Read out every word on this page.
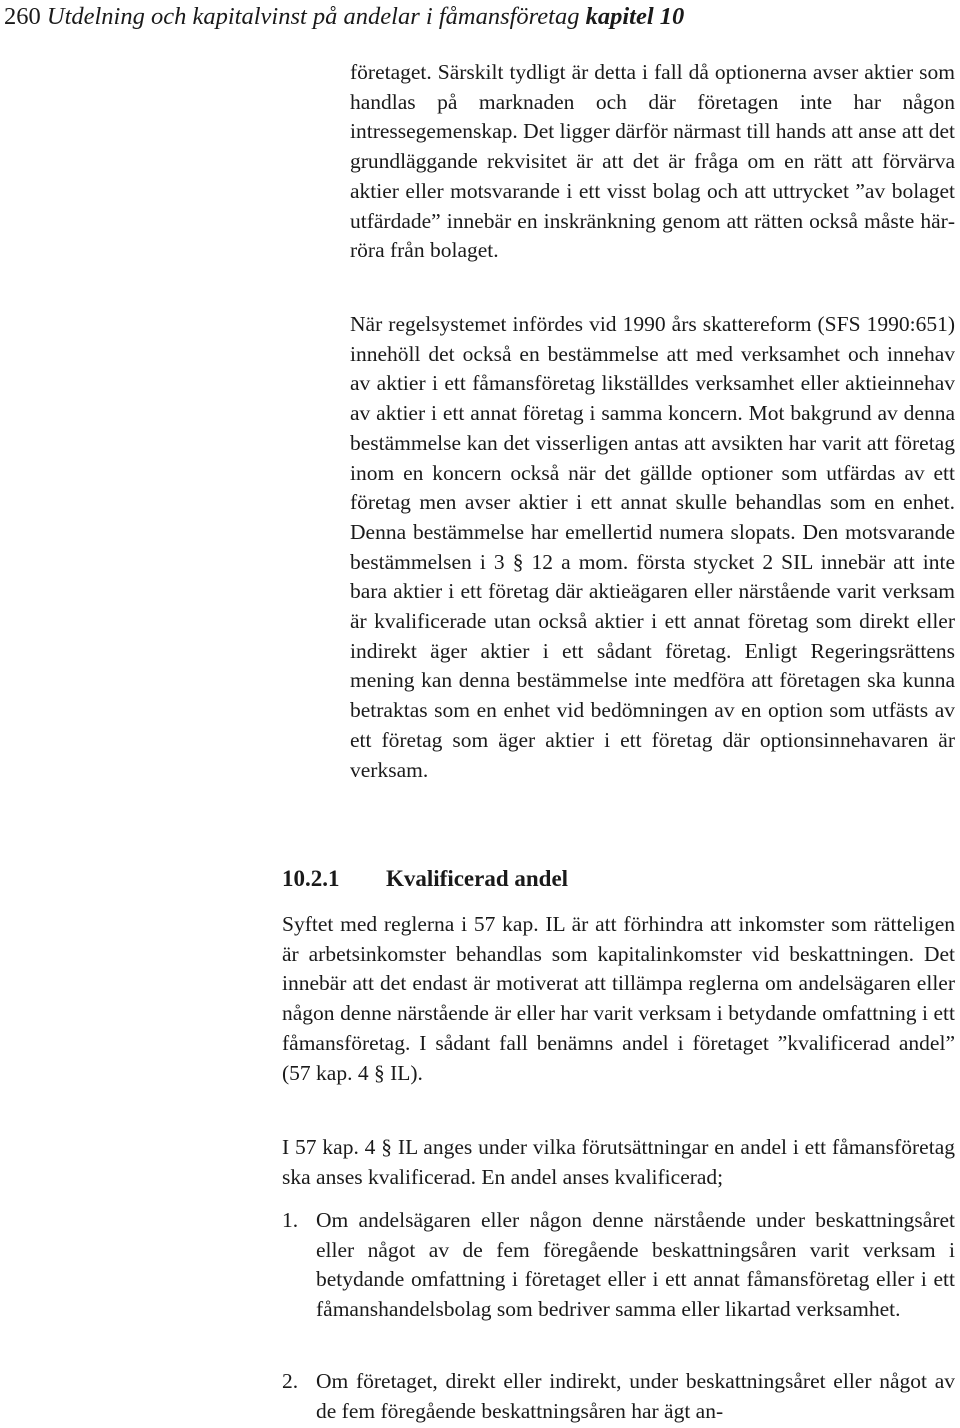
260 Utdelning och kapitalvinst på andelar i fåmansföretag kapitel 10

företaget. Särskilt tydligt är detta i fall då optionerna avser aktier som handlas på marknaden och där företagen inte har någon intressegemenskap. Det ligger därför närmast till hands att anse att det grundläggande rekvisitet är att det är fråga om en rätt att förvärva aktier eller motsvarande i ett visst bolag och att uttrycket ”av bolaget utfärdade” innebär en inskränkning genom att rätten också måste härröra från bolaget.

När regelsystemet infördes vid 1990 års skattereform (SFS 1990:651) innehöll det också en bestämmelse att med verksamhet och innehav av aktier i ett fåmansföretag likställdes verksamhet eller aktieinnehav av aktier i ett annat företag i samma koncern. Mot bakgrund av denna bestämmelse kan det visserligen antas att avsikten har varit att företag inom en koncern också när det gällde optioner som utfärdas av ett företag men avser aktier i ett annat skulle behandlas som en enhet. Denna bestämmelse har emellertid numera slopats. Den motsvarande bestämmelsen i 3 § 12 a mom. första stycket 2 SIL innebär att inte bara aktier i ett företag där aktieägaren eller närstående varit verksam är kvalificerade utan också aktier i ett annat företag som direkt eller indirekt äger aktier i ett sådant företag. Enligt Regeringsrättens mening kan denna bestämmelse inte medföra att företagen ska kunna betraktas som en enhet vid bedömningen av en option som utfästs av ett företag som äger aktier i ett företag där optionsinnehavaren är verksam.

10.2.1 Kvalificerad andel

Syftet med reglerna i 57 kap. IL är att förhindra att inkomster som rätteligen är arbetsinkomster behandlas som kapitalinkomster vid beskattningen. Det innebär att det endast är motiverat att tillämpa reglerna om andelsägaren eller någon denne närstående är eller har varit verksam i betydande omfattning i ett fåmansföretag. I sådant fall benämns andel i företaget ”kvalificerad andel” (57 kap. 4 § IL).

I 57 kap. 4 § IL anges under vilka förutsättningar en andel i ett fåmansföretag ska anses kvalificerad. En andel anses kvalificerad;

1. Om andelsägaren eller någon denne närstående under beskattningsåret eller något av de fem föregående beskattningsåren varit verksam i betydande omfattning i företaget eller i ett annat fåmansföretag eller i ett fåmanshandelsbolag som bedriver samma eller likartad verksamhet.

2. Om företaget, direkt eller indirekt, under beskattningsåret eller något av de fem föregående beskattningsåren har ägt an-
